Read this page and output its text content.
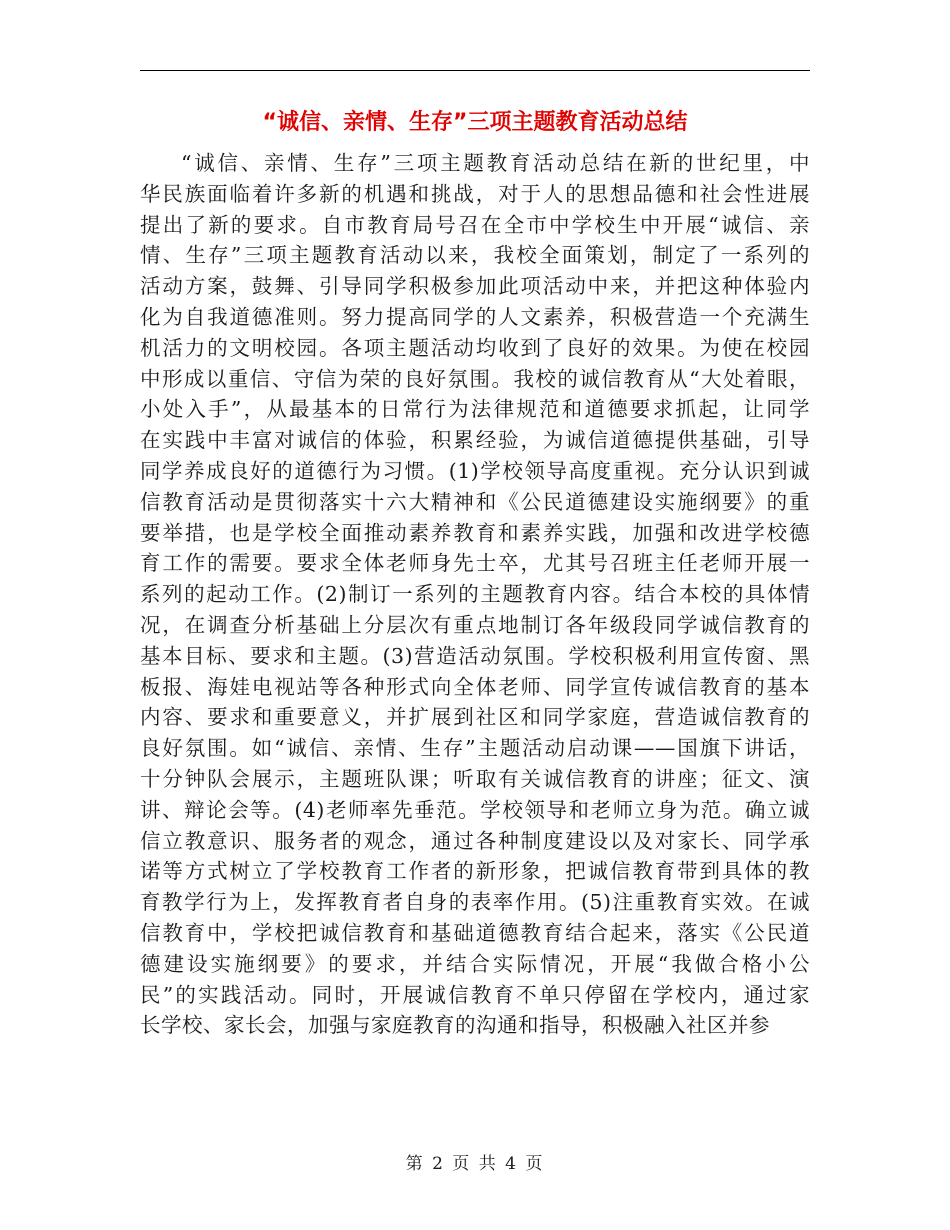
“诚信、亲情、生存”三项主题教育活动总结
“诚信、亲情、生存”三项主题教育活动总结在新的世纪里，中
华民族面临着许多新的机遇和挑战，对于人的思想品德和社会性进展
提出了新的要求。自市教育局号召在全市中学校生中开展“诚信、亲
情、生存”三项主题教育活动以来，我校全面策划，制定了一系列的
活动方案，鼓舞、引导同学积极参加此项活动中来，并把这种体验内
化为自我道德准则。努力提高同学的人文素养，积极营造一个充满生
机活力的文明校园。各项主题活动均收到了良好的效果。为使在校园
中形成以重信、守信为荣的良好氛围。我校的诚信教育从“大处着眼，
小处入手”，从最基本的日常行为法律规范和道德要求抓起，让同学
在实践中丰富对诚信的体验，积累经验，为诚信道德提供基础，引导
同学养成良好的道德行为习惯。(1)学校领导高度重视。充分认识到诚
信教育活动是贯彻落实十六大精神和《公民道德建设实施纲要》的重
要举措，也是学校全面推动素养教育和素养实践，加强和改进学校德
育工作的需要。要求全体老师身先士卒，尤其号召班主任老师开展一
系列的起动工作。(2)制订一系列的主题教育内容。结合本校的具体情
况，在调查分析基础上分层次有重点地制订各年级段同学诚信教育的
基本目标、要求和主题。(3)营造活动氛围。学校积极利用宣传窗、黑
板报、海娃电视站等各种形式向全体老师、同学宣传诚信教育的基本
内容、要求和重要意义，并扩展到社区和同学家庭，营造诚信教育的
良好氛围。如“诚信、亲情、生存”主题活动启动课——国旗下讲话，
十分钟队会展示，主题班队课；听取有关诚信教育的讲座；征文、演
讲、辩论会等。(4)老师率先垂范。学校领导和老师立身为范。确立诚
信立教意识、服务者的观念，通过各种制度建设以及对家长、同学承
诺等方式树立了学校教育工作者的新形象，把诚信教育带到具体的教
育教学行为上，发挥教育者自身的表率作用。(5)注重教育实效。在诚
信教育中，学校把诚信教育和基础道德教育结合起来，落实《公民道
德建设实施纲要》的要求，并结合实际情况，开展“我做合格小公
民”的实践活动。同时，开展诚信教育不单只停留在学校内，通过家
长学校、家长会，加强与家庭教育的沟通和指导，积极融入社区并参
第 2 页 共 4 页
